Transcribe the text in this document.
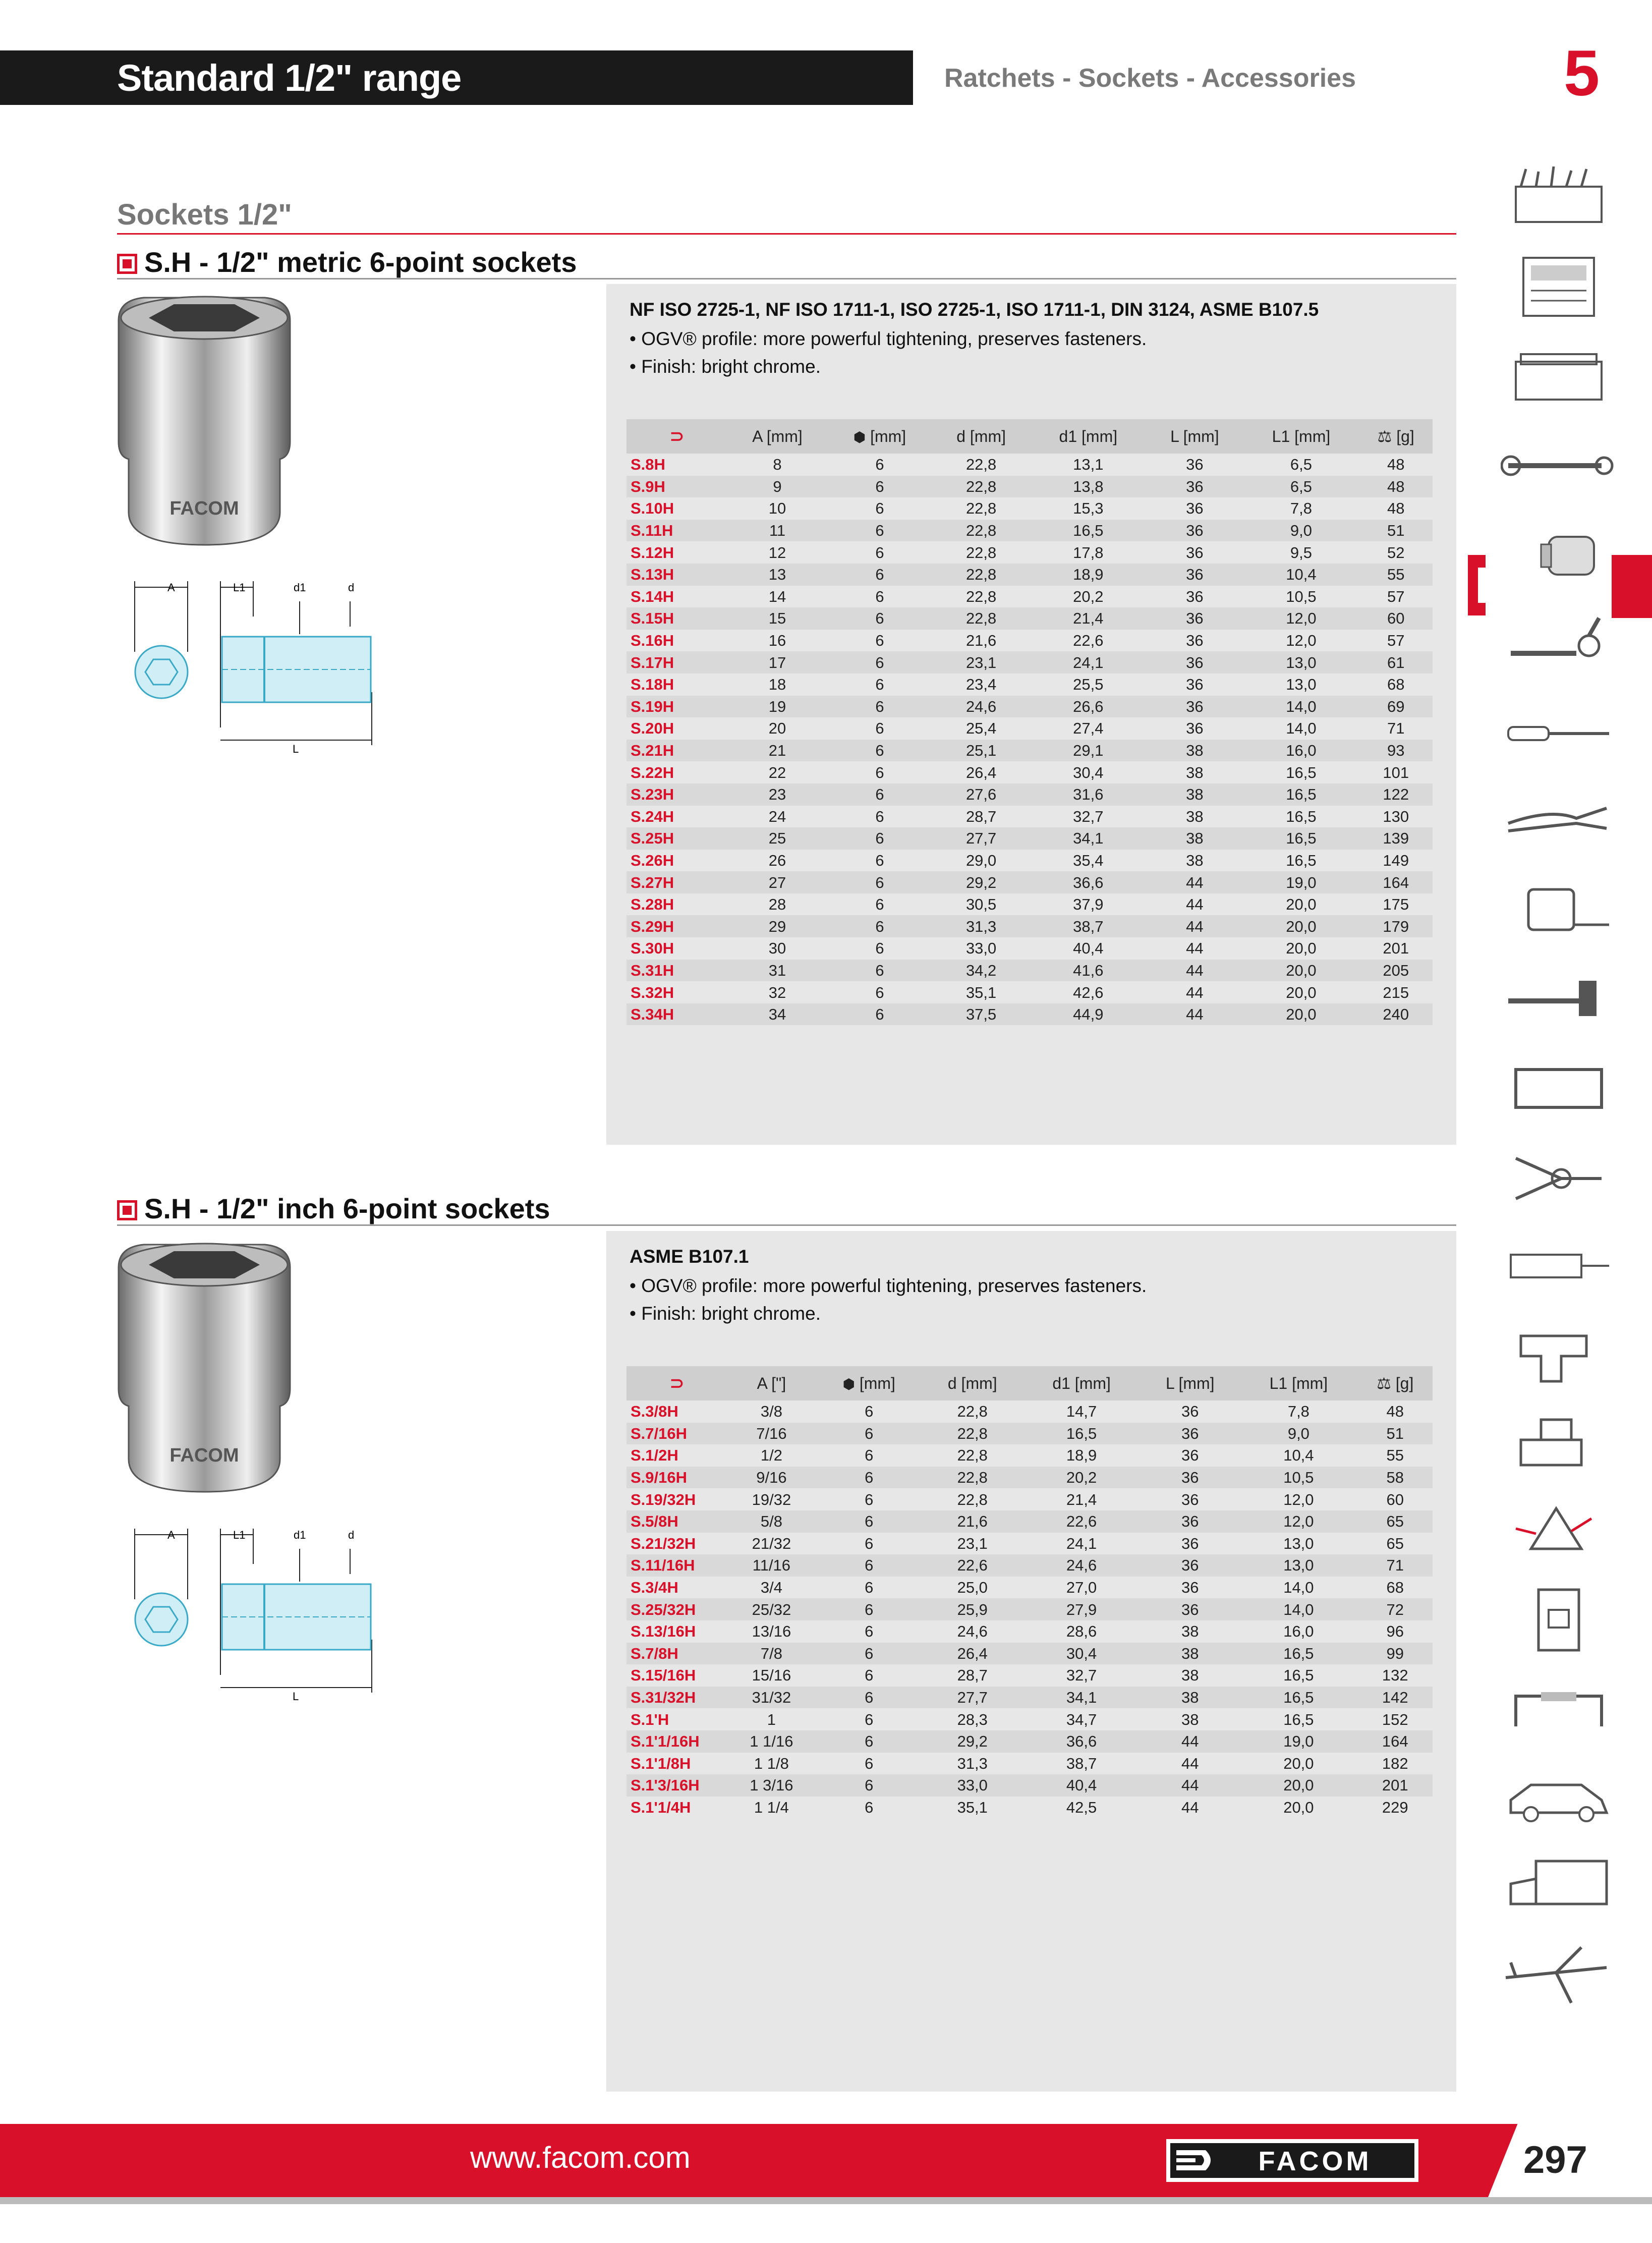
Standard 1/2" range	Ratchets - Sockets - Accessories	5
Sockets 1/2"
S.H - 1/2" metric 6-point sockets
FACOM
A	L1	d1	d
L
NF ISO 2725-1, NF ISO 1711-1, ISO 2725-1, ISO 1711-1, DIN 3124, ASME B107.5
• OGV® profile: more powerful tightening, preserves fasteners.
• Finish: bright chrome.
⊃	A [mm]	⬢ [mm]	d [mm]	d1 [mm]	L [mm]	L1 [mm]	⚖ [g]
S.8H	8	6	22,8	13,1	36	6,5	48
S.9H	9	6	22,8	13,8	36	6,5	48
S.10H	10	6	22,8	15,3	36	7,8	48
S.11H	11	6	22,8	16,5	36	9,0	51
S.12H	12	6	22,8	17,8	36	9,5	52
S.13H	13	6	22,8	18,9	36	10,4	55
S.14H	14	6	22,8	20,2	36	10,5	57
S.15H	15	6	22,8	21,4	36	12,0	60
S.16H	16	6	21,6	22,6	36	12,0	57
S.17H	17	6	23,1	24,1	36	13,0	61
S.18H	18	6	23,4	25,5	36	13,0	68
S.19H	19	6	24,6	26,6	36	14,0	69
S.20H	20	6	25,4	27,4	36	14,0	71
S.21H	21	6	25,1	29,1	38	16,0	93
S.22H	22	6	26,4	30,4	38	16,5	101
S.23H	23	6	27,6	31,6	38	16,5	122
S.24H	24	6	28,7	32,7	38	16,5	130
S.25H	25	6	27,7	34,1	38	16,5	139
S.26H	26	6	29,0	35,4	38	16,5	149
S.27H	27	6	29,2	36,6	44	19,0	164
S.28H	28	6	30,5	37,9	44	20,0	175
S.29H	29	6	31,3	38,7	44	20,0	179
S.30H	30	6	33,0	40,4	44	20,0	201
S.31H	31	6	34,2	41,6	44	20,0	205
S.32H	32	6	35,1	42,6	44	20,0	215
S.34H	34	6	37,5	44,9	44	20,0	240
S.H - 1/2" inch 6-point sockets
FACOM
A	L1	d1	d
L
ASME B107.1
• OGV® profile: more powerful tightening, preserves fasteners.
• Finish: bright chrome.
⊃	A ["]	⬢ [mm]	d [mm]	d1 [mm]	L [mm]	L1 [mm]	⚖ [g]
S.3/8H	3/8	6	22,8	14,7	36	7,8	48
S.7/16H	7/16	6	22,8	16,5	36	9,0	51
S.1/2H	1/2	6	22,8	18,9	36	10,4	55
S.9/16H	9/16	6	22,8	20,2	36	10,5	58
S.19/32H	19/32	6	22,8	21,4	36	12,0	60
S.5/8H	5/8	6	21,6	22,6	36	12,0	65
S.21/32H	21/32	6	23,1	24,1	36	13,0	65
S.11/16H	11/16	6	22,6	24,6	36	13,0	71
S.3/4H	3/4	6	25,0	27,0	36	14,0	68
S.25/32H	25/32	6	25,9	27,9	36	14,0	72
S.13/16H	13/16	6	24,6	28,6	38	16,0	96
S.7/8H	7/8	6	26,4	30,4	38	16,5	99
S.15/16H	15/16	6	28,7	32,7	38	16,5	132
S.31/32H	31/32	6	27,7	34,1	38	16,5	142
S.1'H	1	6	28,3	34,7	38	16,5	152
S.1'1/16H	1 1/16	6	29,2	36,6	44	19,0	164
S.1'1/8H	1 1/8	6	31,3	38,7	44	20,0	182
S.1'3/16H	1 3/16	6	33,0	40,4	44	20,0	201
S.1'1/4H	1 1/4	6	35,1	42,5	44	20,0	229
www.facom.com	FACOM	297
